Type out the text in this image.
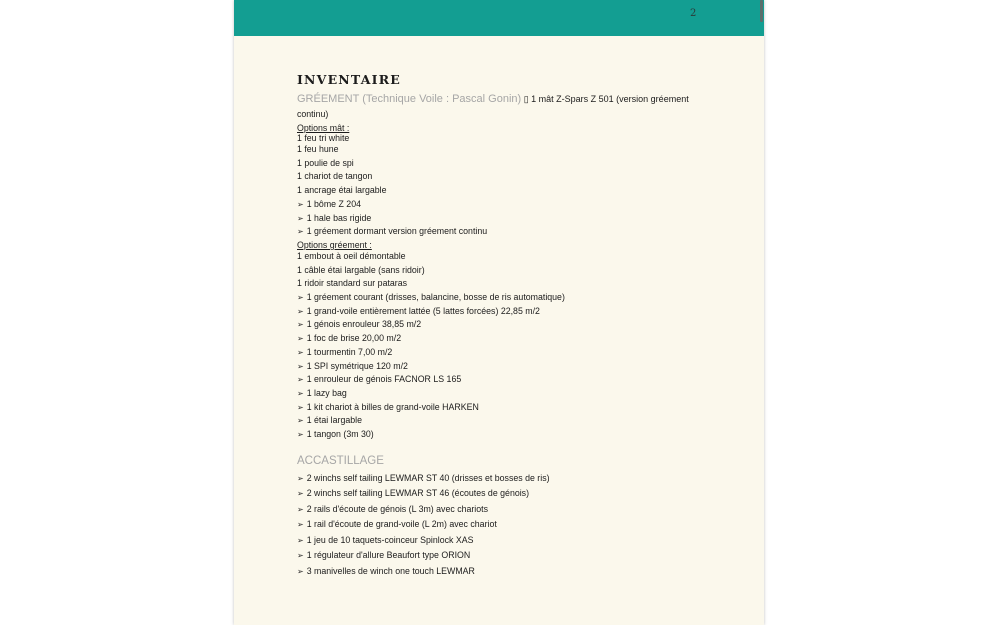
2
INVENTAIRE
GRÉEMENT (Technique Voile : Pascal Gonin) ▯ 1 mât Z-Spars Z 501 (version gréement
continu)
Options mât :
1 feu tri white
1 feu hune
1 poulie de spi
1 chariot de tangon
1 ancrage étai largable
➢ 1 bôme Z 204
➢ 1 hale bas rigide
➢ 1 gréement dormant version gréement continu
Options gréement :
1 embout à oeil démontable
1 câble étai largable (sans ridoir)
1 ridoir standard sur pataras
➢ 1 gréement courant (drisses, balancine, bosse de ris automatique)
➢ 1 grand-voile entièrement lattée (5 lattes forcées) 22,85 m/2
➢ 1 génois enrouleur 38,85 m/2
➢ 1 foc de brise 20,00 m/2
➢ 1 tourmentin 7,00 m/2
➢ 1 SPI symétrique 120 m/2
➢ 1 enrouleur de génois FACNOR LS 165
➢ 1 lazy bag
➢ 1 kit chariot à billes de grand-voile HARKEN
➢ 1 étai largable
➢ 1 tangon (3m 30)
ACCASTILLAGE
➢ 2 winchs self tailing LEWMAR ST 40 (drisses et bosses de ris)
➢ 2 winchs self tailing LEWMAR ST 46 (écoutes de génois)
➢ 2 rails d'écoute de génois (L 3m) avec chariots
➢ 1 rail d'écoute de grand-voile (L 2m) avec chariot
➢ 1 jeu de 10 taquets-coinceur Spinlock XAS
➢ 1 régulateur d'allure Beaufort type ORION
➢ 3 manivelles de winch one touch LEWMAR
